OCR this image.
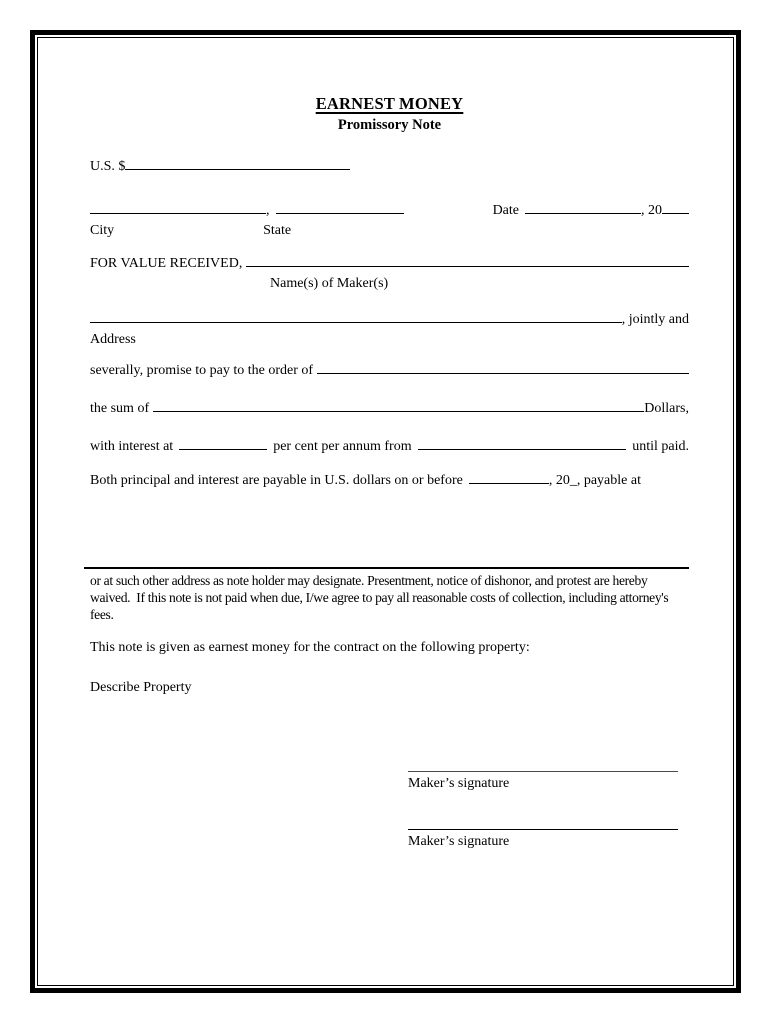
EARNEST MONEY
Promissory Note
U.S. $
,	Date	, 20
City	State
FOR VALUE RECEIVED,
Name(s) of Maker(s)
, jointly and
Address
severally, promise to pay to the order of
the sum of	Dollars,
with interest at	per cent per annum from	until paid.
Both principal and interest are payable in U.S. dollars on or before	, 20_, payable at
or at such other address as note holder may designate. Presentment, notice of dishonor, and protest are hereby waived.  If this note is not paid when due, I/we agree to pay all reasonable costs of collection, including attorney's fees.
This note is given as earnest money for the contract on the following property:
Describe Property
Maker’s signature
Maker’s signature
